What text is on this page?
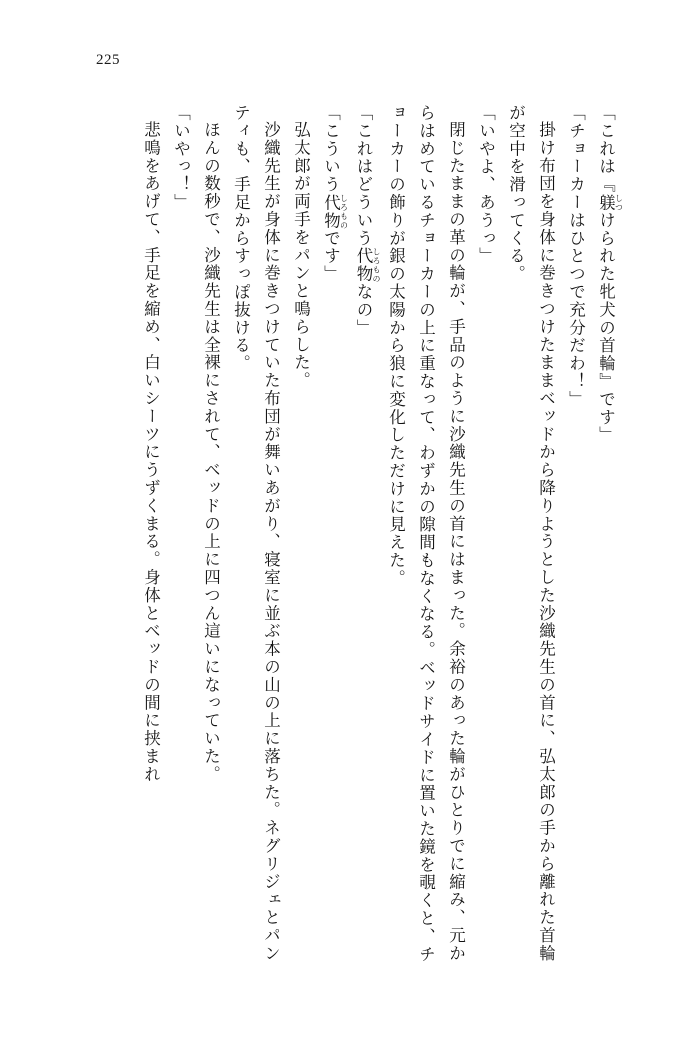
225

「これは『躾 しつけられた牝犬の首輪』です」

「チョーカーはひとつで充分だわ！」

掛け布団を身体に巻きつけたままベッドから降りようとした沙織先生の首に、弘太郎の手から離れた首輪が空中を滑ってくる。

「いやよ、あうっ」

閉じたままの革の輪が、手品のように沙織先生の首にはまった。余裕のあった輪がひとりでに縮み、元からはめているチョーカーの上に重なって、わずかの隙間もなくなる。ベッドサイドに置いた鏡を覗くと、チョーカーの飾りが銀の太陽から狼に変化しただけに見えた。

「これはどういう代物 しろものなの」

「こういう代物 しろものです」

弘太郎が両手をパンと鳴らした。

沙織先生が身体に巻きつけていた布団が舞いあがり、寝室に並ぶ本の山の上に落ちた。ネグリジェとパンティも、手足からすっぽ抜ける。

ほんの数秒で、沙織先生は全裸にされて、ベッドの上に四つん這いになっていた。

「いやっ！」

悲鳴をあげて、手足を縮め、白いシーツにうずくまる。身体とベッドの間に挟まれ
